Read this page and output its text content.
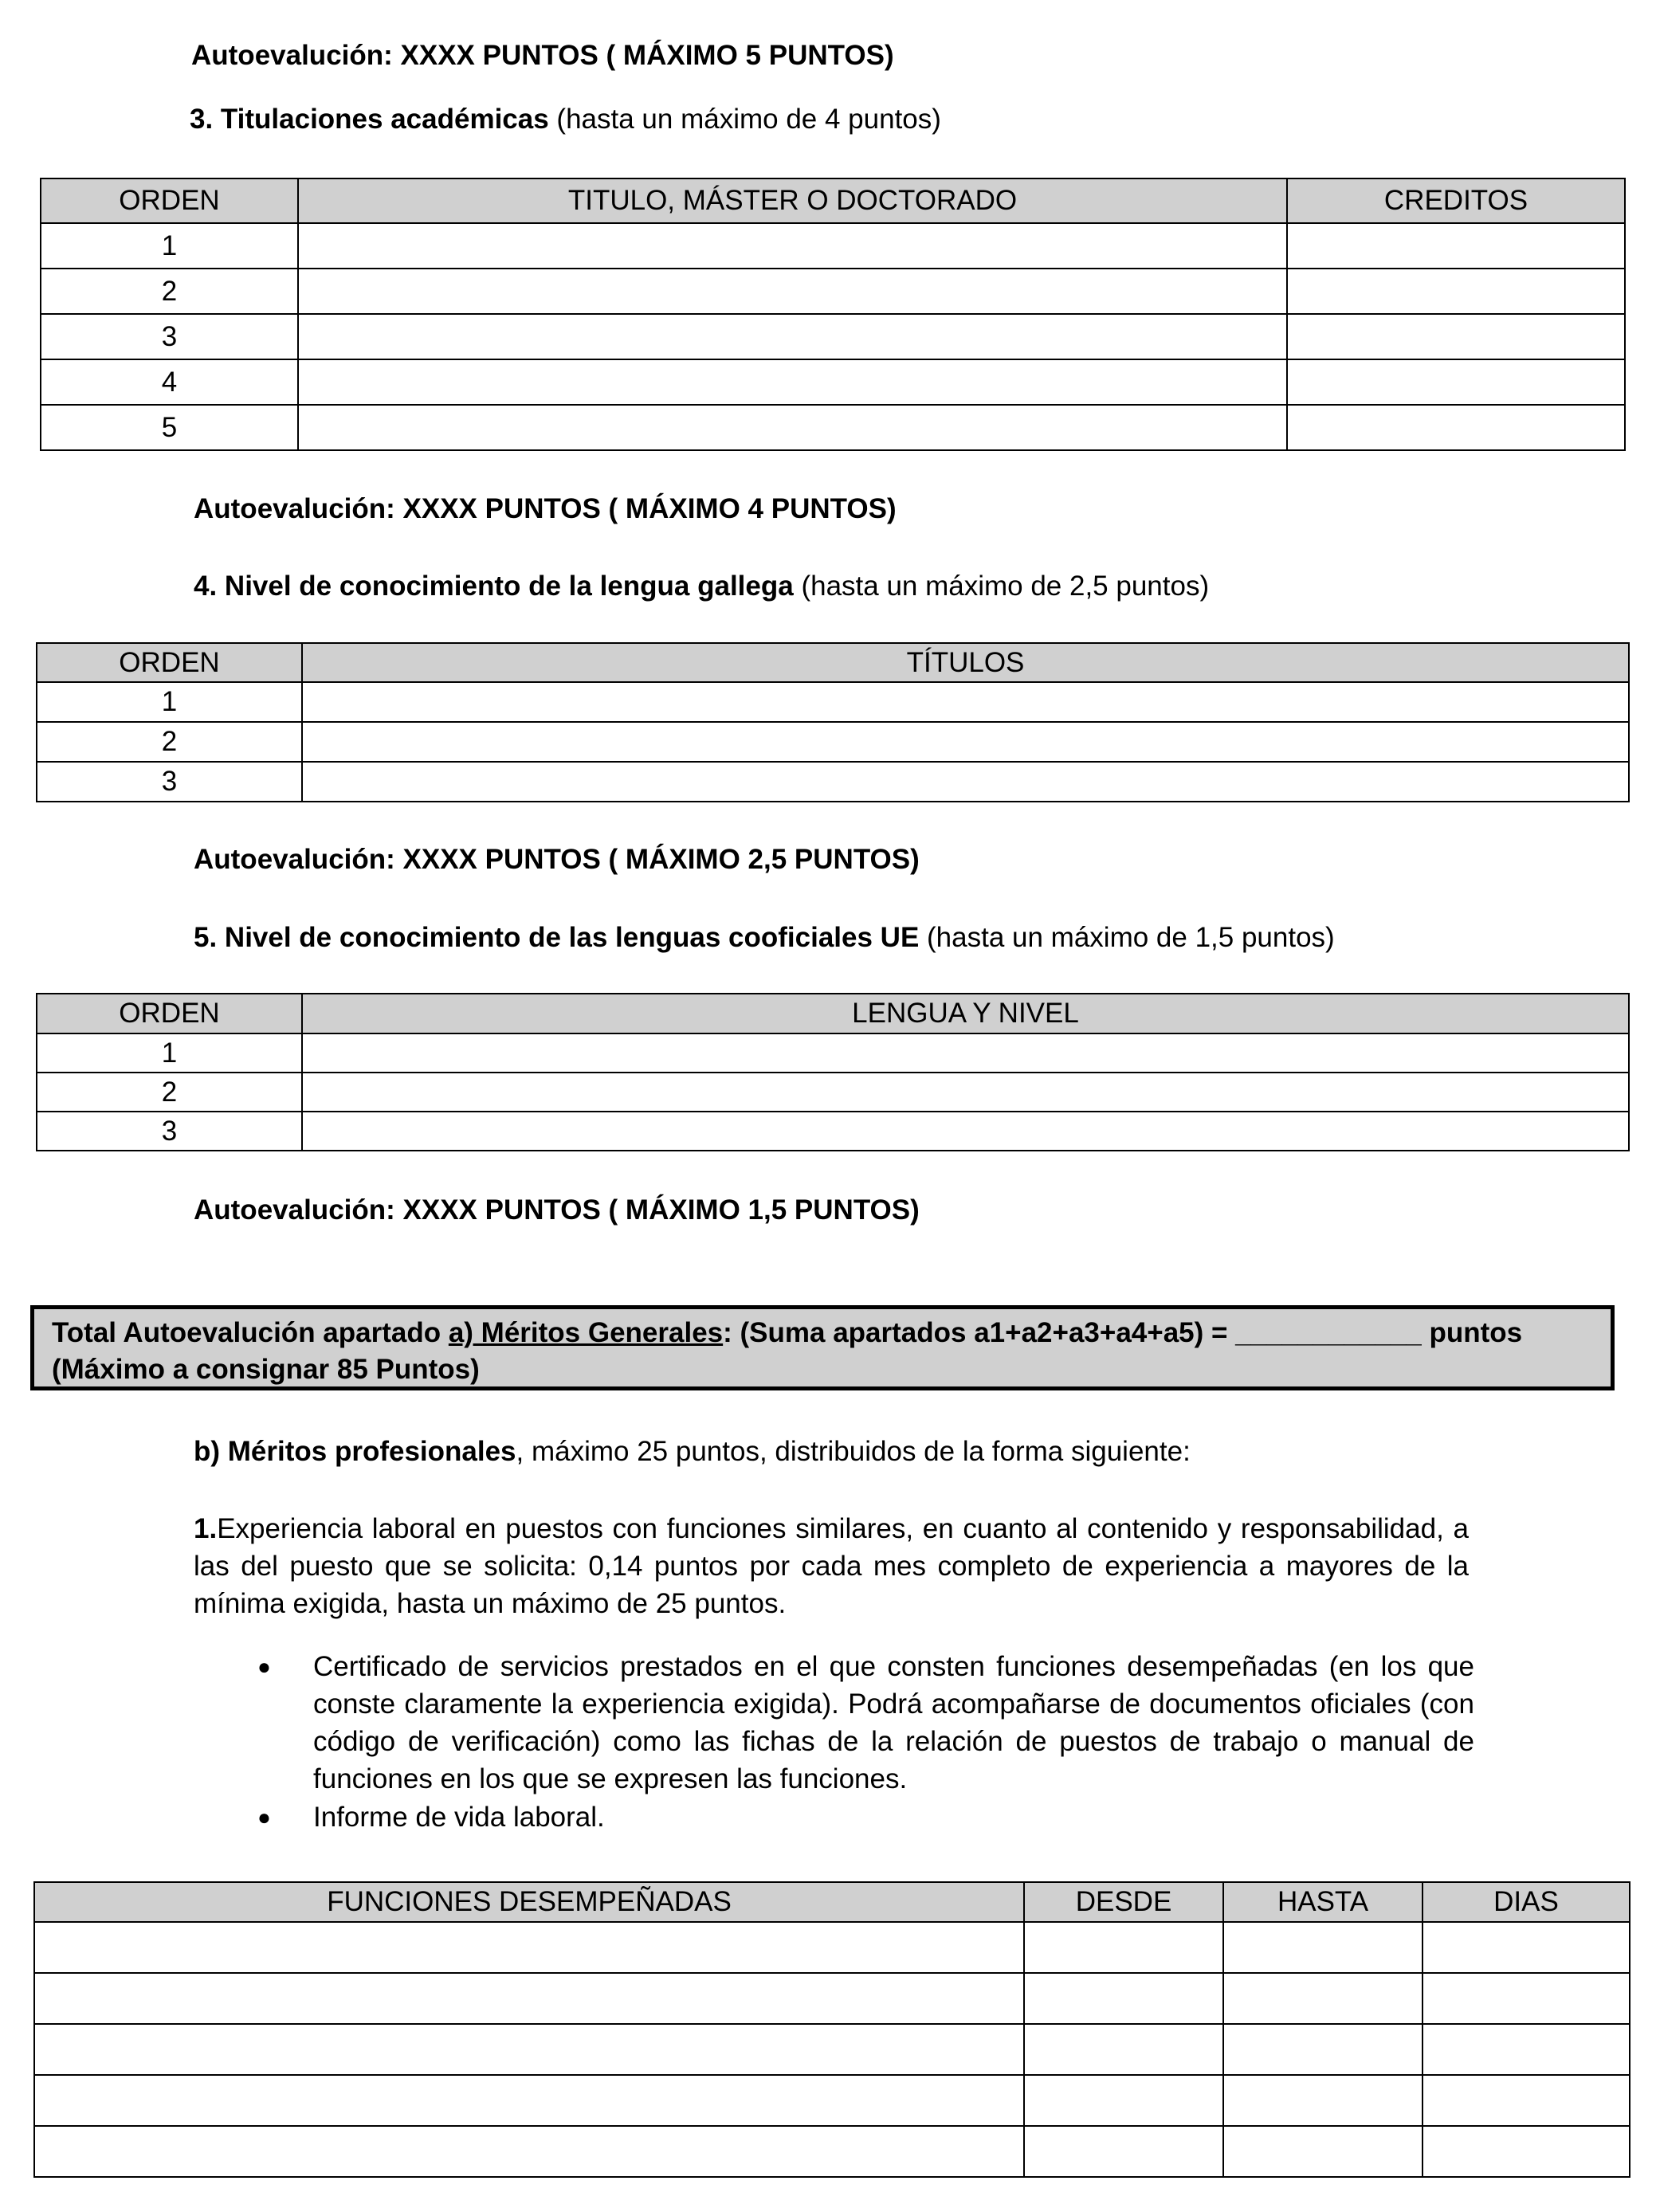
Autoevalución: XXXX PUNTOS ( MÁXIMO 5 PUNTOS)
3. Titulaciones académicas (hasta un máximo de 4 puntos)
ORDEN	TITULO, MÁSTER O DOCTORADO	CREDITOS
1		
2		
3		
4		
5		
Autoevalución: XXXX PUNTOS ( MÁXIMO 4 PUNTOS)
4. Nivel de conocimiento de la lengua gallega (hasta un máximo de 2,5 puntos)
ORDEN	TÍTULOS
1	
2	
3	
Autoevalución: XXXX PUNTOS ( MÁXIMO 2,5 PUNTOS)
5. Nivel de conocimiento de las lenguas cooficiales UE (hasta un máximo de 1,5 puntos)
ORDEN	LENGUA Y NIVEL
1	
2	
3	
Autoevalución: XXXX PUNTOS ( MÁXIMO 1,5 PUNTOS)
Total Autoevalución apartado a) Méritos Generales: (Suma apartados a1+a2+a3+a4+a5) = ____________ puntos
(Máximo a consignar 85 Puntos)
b) Méritos profesionales, máximo 25 puntos, distribuidos de la forma siguiente:
1.Experiencia laboral en puestos con funciones similares, en cuanto al contenido y responsabilidad, a las del puesto que se solicita: 0,14 puntos por cada mes completo de experiencia a mayores de la mínima exigida, hasta un máximo de 25 puntos.
● Certificado de servicios prestados en el que consten funciones desempeñadas (en los que conste claramente la experiencia exigida). Podrá acompañarse de documentos oficiales (con código de verificación) como las fichas de la relación de puestos de trabajo o manual de funciones en los que se expresen las funciones.
● Informe de vida laboral.
FUNCIONES DESEMPEÑADAS	DESDE	HASTA	DIAS
